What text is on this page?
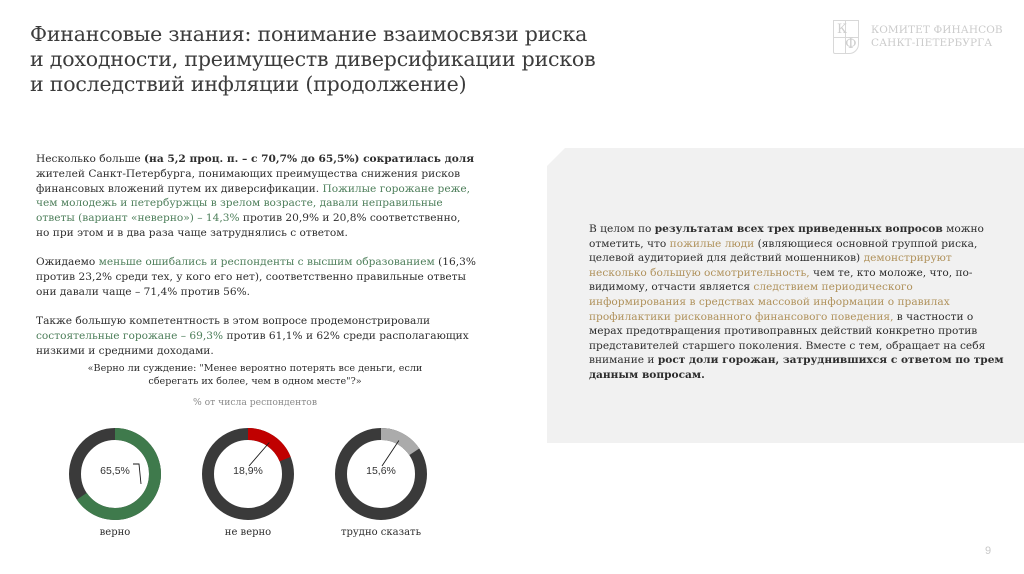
Финансовые знания: понимание взаимосвязи риска
и доходности, преимуществ диверсификации рисков
и последствий инфляции (продолжение)
К
Ф
КОМИТЕТ ФИНАНСОВ
САНКТ-ПЕТЕРБУРГА

Несколько больше (на 5,2 проц. п. – с 70,7% до 65,5%) сократилась доля жителей Санкт-Петербурга, понимающих преимущества снижения рисков финансовых вложений путем их диверсификации. Пожилые горожане реже, чем молодежь и петербуржцы в зрелом возрасте, давали неправильные ответы (вариант «неверно») – 14,3% против 20,9% и 20,8% соответственно, но при этом и в два раза чаще затруднялись с ответом.

Ожидаемо меньше ошибались и респонденты с высшим образованием (16,3% против 23,2% среди тех, у кого его нет), соответственно правильные ответы они давали чаще – 71,4% против 56%.

Также большую компетентность в этом вопросе продемонстрировали состоятельные горожане – 69,3% против 61,1% и 62% среди располагающих низкими и средними доходами.

«Верно ли суждение: "Менее вероятно потерять все деньги, если сберегать их более, чем в одном месте"?»
% от числа респондентов
65,5%	18,9%	15,6%
верно	не верно	трудно сказать
В целом по результатам всех трех приведенных вопросов можно отметить, что пожилые люди (являющиеся основной группой риска, целевой аудиторией для действий мошенников) демонстрируют несколько большую осмотрительность, чем те, кто моложе, что, по-видимому, отчасти является следствием периодического информирования в средствах массовой информации о правилах профилактики рискованного финансового поведения, в частности о мерах предотвращения противоправных действий конкретно против представителей старшего поколения. Вместе с тем, обращает на себя внимание и рост доли горожан, затруднившихся с ответом по трем данным вопросам.
9
